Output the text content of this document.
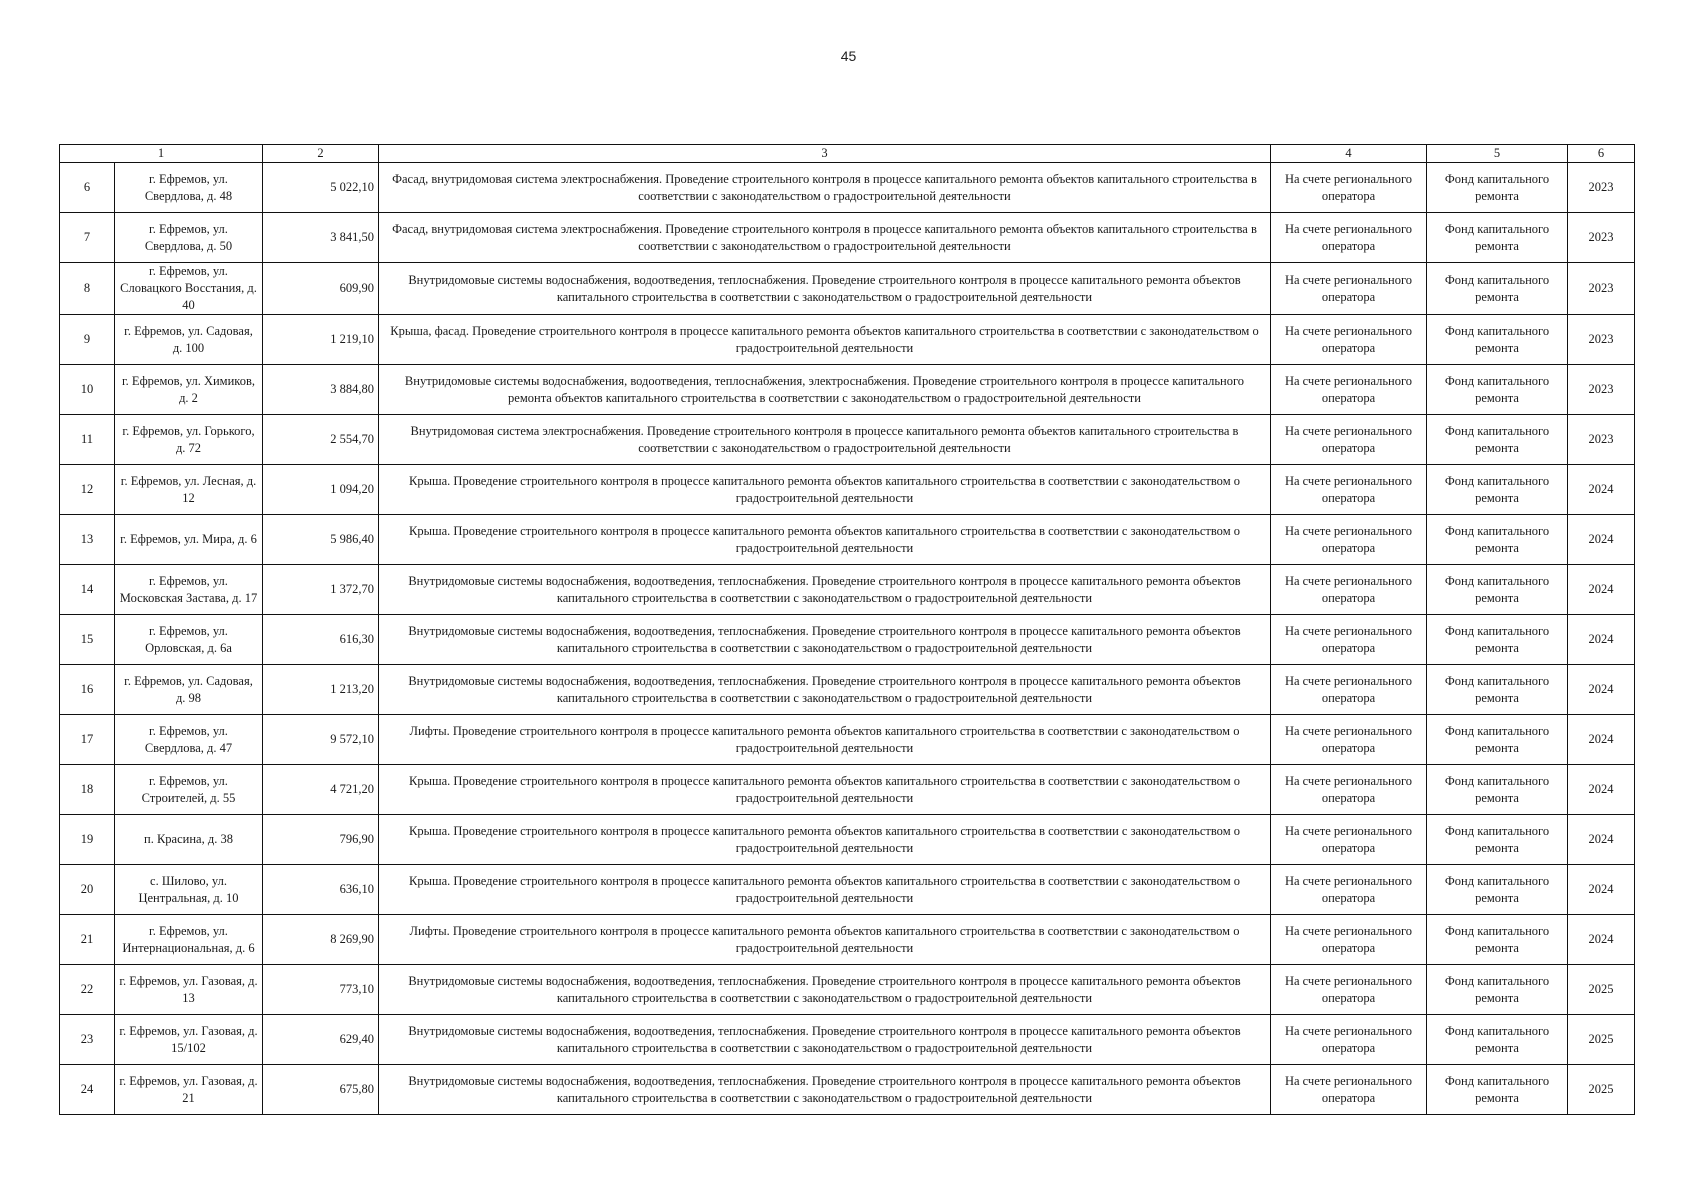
45
1		2	3	4	5	6
6	г. Ефремов, ул. Свердлова, д. 48	5 022,10	Фасад, внутридомовая система электроснабжения. Проведение строительного контроля в процессе капитального ремонта объектов капитального строительства в соответствии с законодательством о градостроительной деятельности	На счете регионального оператора	Фонд капитального ремонта	2023
7	г. Ефремов, ул. Свердлова, д. 50	3 841,50	Фасад, внутридомовая система электроснабжения. Проведение строительного контроля в процессе капитального ремонта объектов капитального строительства в соответствии с законодательством о градостроительной деятельности	На счете регионального оператора	Фонд капитального ремонта	2023
8	г. Ефремов, ул. Словацкого Восстания, д. 40	609,90	Внутридомовые системы водоснабжения, водоотведения, теплоснабжения. Проведение строительного контроля в процессе капитального ремонта объектов капитального строительства в соответствии с законодательством о градостроительной деятельности	На счете регионального оператора	Фонд капитального ремонта	2023
9	г. Ефремов, ул. Садовая, д. 100	1 219,10	Крыша, фасад. Проведение строительного контроля в процессе капитального ремонта объектов капитального строительства в соответствии с законодательством о градостроительной деятельности	На счете регионального оператора	Фонд капитального ремонта	2023
10	г. Ефремов, ул. Химиков, д. 2	3 884,80	Внутридомовые системы водоснабжения, водоотведения, теплоснабжения, электроснабжения. Проведение строительного контроля в процессе капитального ремонта объектов капитального строительства в соответствии с законодательством о градостроительной деятельности	На счете регионального оператора	Фонд капитального ремонта	2023
11	г. Ефремов, ул. Горького, д. 72	2 554,70	Внутридомовая система электроснабжения. Проведение строительного контроля в процессе капитального ремонта объектов капитального строительства в соответствии с законодательством о градостроительной деятельности	На счете регионального оператора	Фонд капитального ремонта	2023
12	г. Ефремов, ул. Лесная, д. 12	1 094,20	Крыша. Проведение строительного контроля в процессе капитального ремонта объектов капитального строительства в соответствии с законодательством о градостроительной деятельности	На счете регионального оператора	Фонд капитального ремонта	2024
13	г. Ефремов, ул. Мира, д. 6	5 986,40	Крыша. Проведение строительного контроля в процессе капитального ремонта объектов капитального строительства в соответствии с законодательством о градостроительной деятельности	На счете регионального оператора	Фонд капитального ремонта	2024
14	г. Ефремов, ул. Московская Застава, д. 17	1 372,70	Внутридомовые системы водоснабжения, водоотведения, теплоснабжения. Проведение строительного контроля в процессе капитального ремонта объектов капитального строительства в соответствии с законодательством о градостроительной деятельности	На счете регионального оператора	Фонд капитального ремонта	2024
15	г. Ефремов, ул. Орловская, д. 6а	616,30	Внутридомовые системы водоснабжения, водоотведения, теплоснабжения. Проведение строительного контроля в процессе капитального ремонта объектов капитального строительства в соответствии с законодательством о градостроительной деятельности	На счете регионального оператора	Фонд капитального ремонта	2024
16	г. Ефремов, ул. Садовая, д. 98	1 213,20	Внутридомовые системы водоснабжения, водоотведения, теплоснабжения. Проведение строительного контроля в процессе капитального ремонта объектов капитального строительства в соответствии с законодательством о градостроительной деятельности	На счете регионального оператора	Фонд капитального ремонта	2024
17	г. Ефремов, ул. Свердлова, д. 47	9 572,10	Лифты. Проведение строительного контроля в процессе капитального ремонта объектов капитального строительства в соответствии с законодательством о градостроительной деятельности	На счете регионального оператора	Фонд капитального ремонта	2024
18	г. Ефремов, ул. Строителей, д. 55	4 721,20	Крыша. Проведение строительного контроля в процессе капитального ремонта объектов капитального строительства в соответствии с законодательством о градостроительной деятельности	На счете регионального оператора	Фонд капитального ремонта	2024
19	п. Красина, д. 38	796,90	Крыша. Проведение строительного контроля в процессе капитального ремонта объектов капитального строительства в соответствии с законодательством о градостроительной деятельности	На счете регионального оператора	Фонд капитального ремонта	2024
20	с. Шилово, ул. Центральная, д. 10	636,10	Крыша. Проведение строительного контроля в процессе капитального ремонта объектов капитального строительства в соответствии с законодательством о градостроительной деятельности	На счете регионального оператора	Фонд капитального ремонта	2024
21	г. Ефремов, ул. Интернациональная, д. 6	8 269,90	Лифты. Проведение строительного контроля в процессе капитального ремонта объектов капитального строительства в соответствии с законодательством о градостроительной деятельности	На счете регионального оператора	Фонд капитального ремонта	2024
22	г. Ефремов, ул. Газовая, д. 13	773,10	Внутридомовые системы водоснабжения, водоотведения, теплоснабжения. Проведение строительного контроля в процессе капитального ремонта объектов капитального строительства в соответствии с законодательством о градостроительной деятельности	На счете регионального оператора	Фонд капитального ремонта	2025
23	г. Ефремов, ул. Газовая, д. 15/102	629,40	Внутридомовые системы водоснабжения, водоотведения, теплоснабжения. Проведение строительного контроля в процессе капитального ремонта объектов капитального строительства в соответствии с законодательством о градостроительной деятельности	На счете регионального оператора	Фонд капитального ремонта	2025
24	г. Ефремов, ул. Газовая, д. 21	675,80	Внутридомовые системы водоснабжения, водоотведения, теплоснабжения. Проведение строительного контроля в процессе капитального ремонта объектов капитального строительства в соответствии с законодательством о градостроительной деятельности	На счете регионального оператора	Фонд капитального ремонта	2025
